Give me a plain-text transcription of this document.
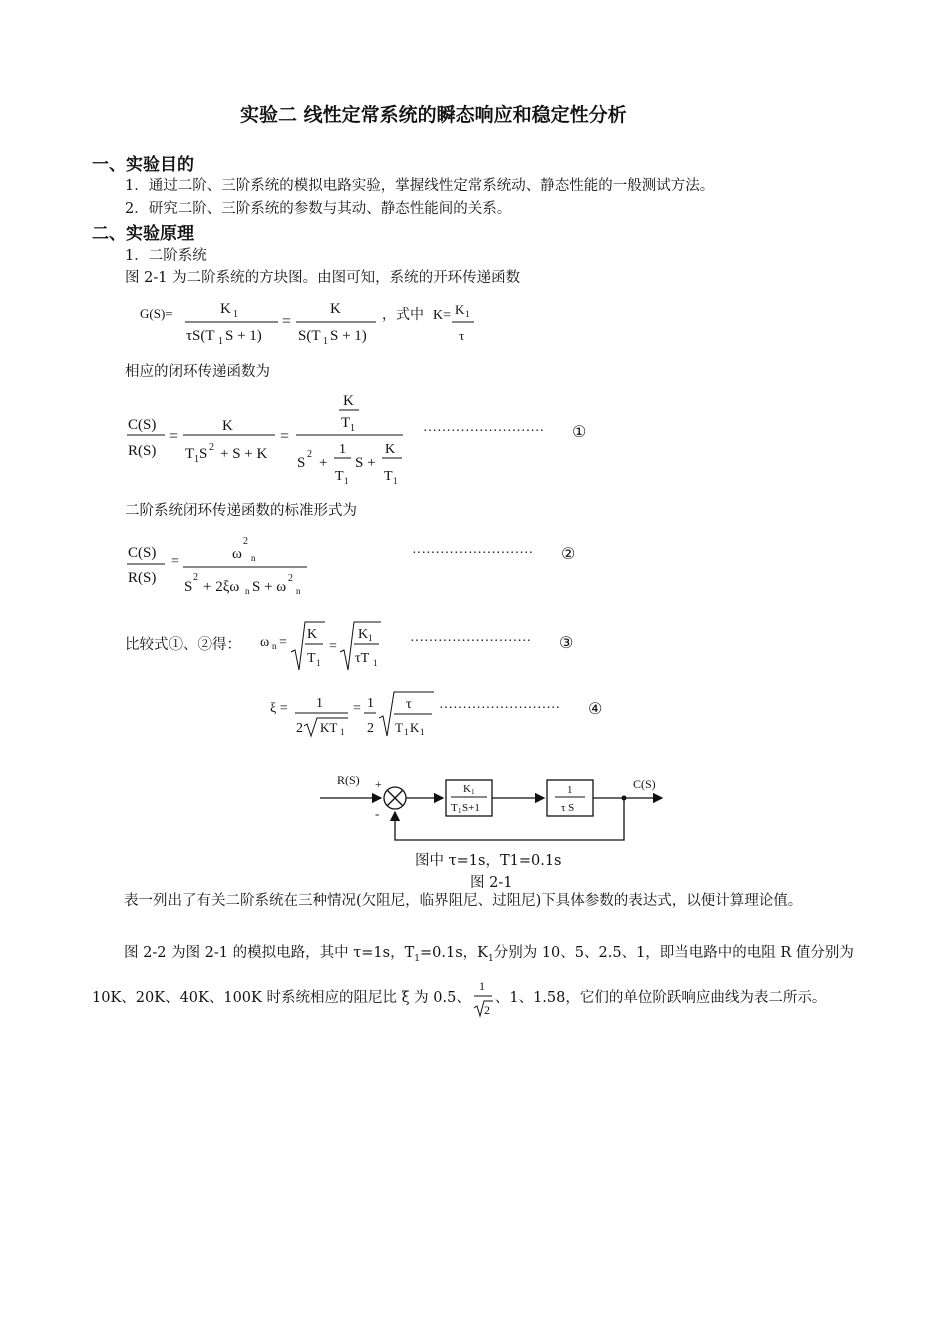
实验二 线性定常系统的瞬态响应和稳定性分析
一、实验目的
1．通过二阶、三阶系统的模拟电路实验，掌握线性定常系统动、静态性能的一般测试方法。
2．研究二阶、三阶系统的参数与其动、静态性能间的关系。
二、实验原理
1．二阶系统
图 2-1 为二阶系统的方块图。由图可知，系统的开环传递函数
G(S)=	K 1
τS(T 1 S + 1)
=
K
S(T 1 S + 1)
，式中 K= K 1
τ
相应的闭环传递函数为
C(S)
R(S)
=
K
T 1 S 2 + S + K
=
K
T 1
S
2
+
1
T 1
S +
K
T 1
·························· ①
二阶系统闭环传递函数的标准形式为
C(S)
R(S)
=	ω
2
n
S
2
+ 2ξω n S + ω
2
n
·························· ②
比较式①、②得： ω n =
K
T 1
=
K 1
τT 1
·························· ③
ξ = 1
2 KT 1
= 1
2
τ
T 1 K 1
·························· ④
R(S) +
-
K 1
T 1 S+1
1
τ S
C(S)
图中 τ=1s，T1=0.1s
图 2-1
表一列出了有关二阶系统在三种情况(欠阻尼，临界阻尼、过阻尼)下具体参数的表达式，以便计算理论值。
图 2-2 为图 2-1 的模拟电路，其中 τ=1s，$T_1=0.1s$，$K_1$分别为 10、5、2.5、1，即当电路中的电阻 R 值分别为 10K、20K、40K、100K 时系统相应的阻尼比 ξ 为 0.5、
1
2
、1、1.58，它们的单位阶跃响应曲线为表二所示。
